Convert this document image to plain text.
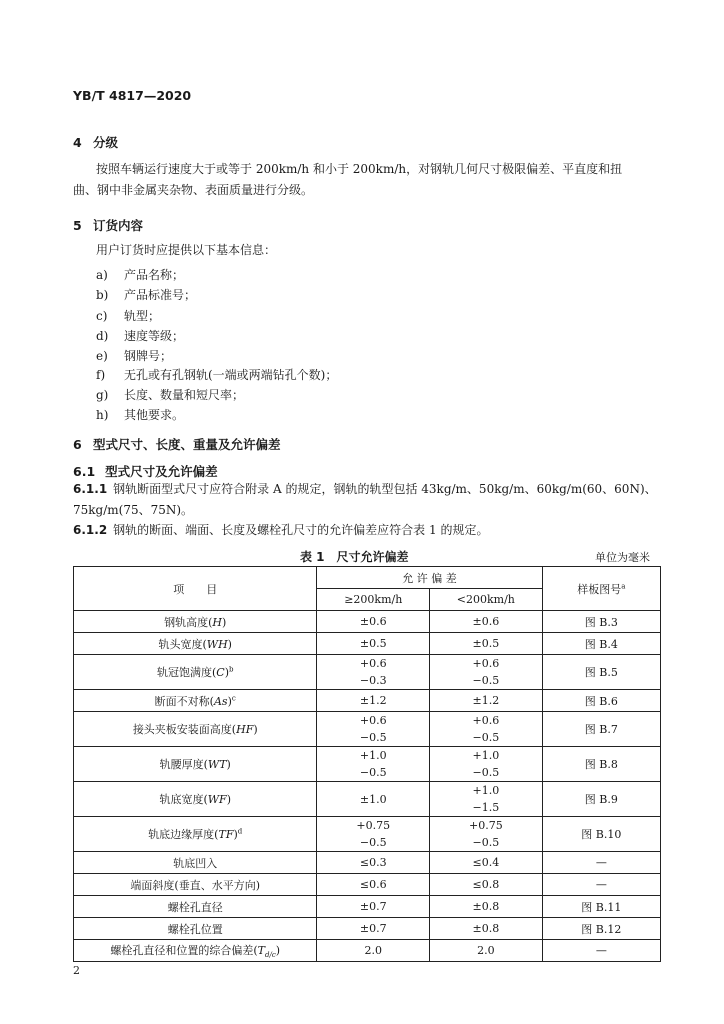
YB/T 4817—2020
4 分级
按照车辆运行速度大于或等于 200km/h 和小于 200km/h，对钢轨几何尺寸极限偏差、平直度和扭
曲、钢中非金属夹杂物、表面质量进行分级。
5 订货内容
用户订货时应提供以下基本信息：
a) 产品名称；
b) 产品标准号；
c) 轨型；
d) 速度等级；
e) 钢牌号；
f) 无孔或有孔钢轨(一端或两端钻孔个数)；
g) 长度、数量和短尺率；
h) 其他要求。
6 型式尺寸、长度、重量及允许偏差
6.1 型式尺寸及允许偏差
6.1.1 钢轨断面型式尺寸应符合附录 A 的规定，钢轨的轨型包括 43kg/m、50kg/m、60kg/m(60、60N)、
75kg/m(75、75N)。
6.1.2 钢轨的断面、端面、长度及螺栓孔尺寸的允许偏差应符合表 1 的规定。
表 1　尺寸允许偏差	单位为毫米
项　　目	允 许 偏 差		样板图号$^a$
	≥200km/h	<200km/h	
钢轨高度(H)	±0.6	±0.6	图 B.3
轨头宽度(WH)	±0.5	±0.5	图 B.4
轨冠饱满度$(C)^b$	+0.6	+0.6	图 B.5
	−0.3	−0.5	
断面不对称$(As)^c$	±1.2	±1.2	图 B.6
接头夹板安装面高度(HF)	+0.6	+0.6	图 B.7
	−0.5	−0.5	
轨腰厚度(WT)	+1.0	+1.0	图 B.8
	−0.5	−0.5	
轨底宽度(WF)	±1.0	+1.0	图 B.9
		−1.5	
轨底边缘厚度(TF)$^d$	+0.75	+0.75	图 B.10
	−0.5	−0.5	
轨底凹入	≤0.3	≤0.4	—
端面斜度(垂直、水平方向)	≤0.6	≤0.8	—
螺栓孔直径	±0.7	±0.8	图 B.11
螺栓孔位置	±0.7	±0.8	图 B.12
螺栓孔直径和位置的综合偏差$(T_{d/c})$	2.0	2.0	—
2
